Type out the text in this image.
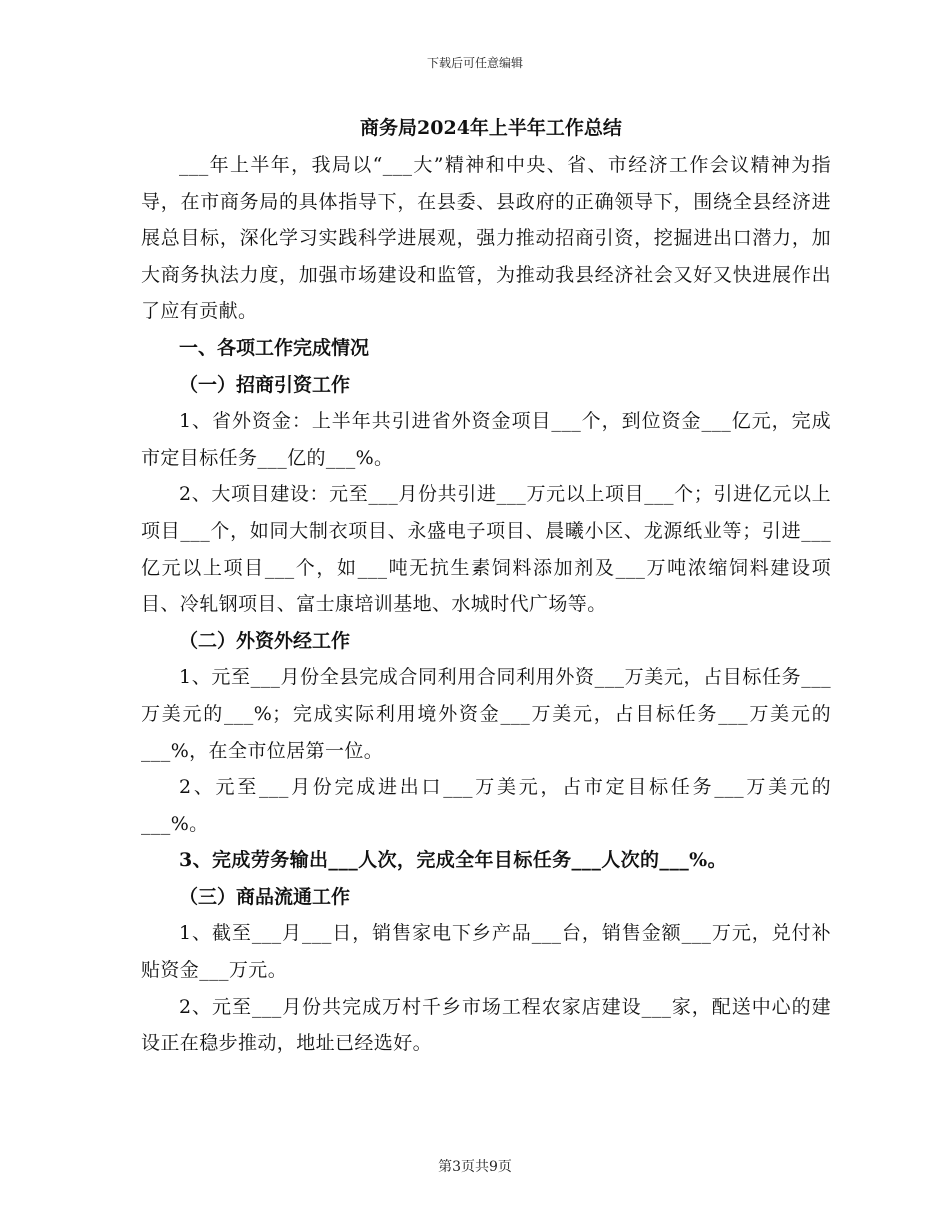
下载后可任意编辑
商务局2024年上半年工作总结

___年上半年，我局以“___大”精神和中央、省、市经济工作会议精神为指导，在市商务局的具体指导下，在县委、县政府的正确领导下，围绕全县经济进展总目标，深化学习实践科学进展观，强力推动招商引资，挖掘进出口潜力，加大商务执法力度，加强市场建设和监管，为推动我县经济社会又好又快进展作出了应有贡献。

一、各项工作完成情况

（一）招商引资工作

1、省外资金：上半年共引进省外资金项目___个，到位资金___亿元，完成市定目标任务___亿的___%。

2、大项目建设：元至___月份共引进___万元以上项目___个；引进亿元以上项目___个，如同大制衣项目、永盛电子项目、晨曦小区、龙源纸业等；引进___亿元以上项目___个，如___吨无抗生素饲料添加剂及___万吨浓缩饲料建设项目、冷轧钢项目、富士康培训基地、水城时代广场等。

（二）外资外经工作

1、元至___月份全县完成合同利用合同利用外资___万美元，占目标任务___万美元的___%；完成实际利用境外资金___万美元，占目标任务___万美元的___%，在全市位居第一位。

2、元至___月份完成进出口___万美元，占市定目标任务___万美元的___%。

3、完成劳务输出___人次，完成全年目标任务___人次的___%。

（三）商品流通工作

1、截至___月___日，销售家电下乡产品___台，销售金额___万元，兑付补贴资金___万元。

2、元至___月份共完成万村千乡市场工程农家店建设___家，配送中心的建设正在稳步推动，地址已经选好。

第3页共9页
